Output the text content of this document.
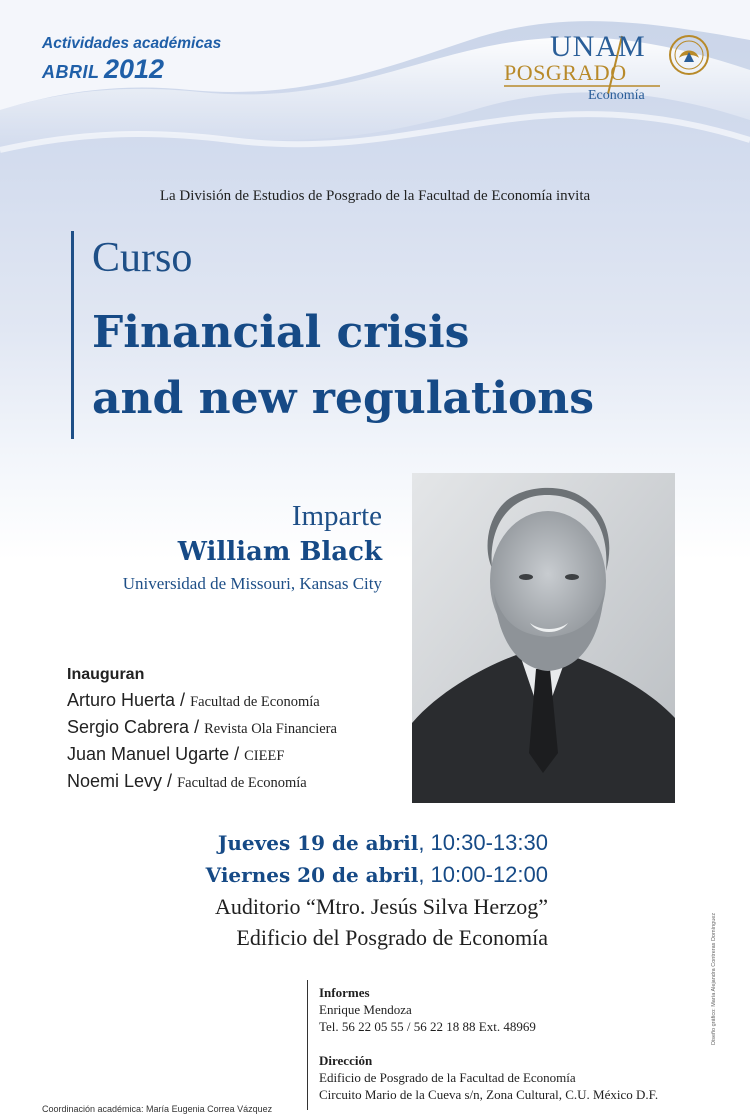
Actividades académicas
ABRIL 2012
UNAM
POSGRADO
Economía
La División de Estudios de Posgrado de la Facultad de Economía invita
Curso
Financial crisis
and new regulations
Imparte
William Black
Universidad de Missouri, Kansas City
Inauguran
Arturo Huerta / Facultad de Economía
Sergio Cabrera / Revista Ola Financiera
Juan Manuel Ugarte / CIEEF
Noemi Levy / Facultad de Economía
Jueves 19 de abril, 10:30-13:30
Viernes 20 de abril, 10:00-12:00
Auditorio “Mtro. Jesús Silva Herzog”
Edificio del Posgrado de Economía
Informes
Enrique Mendoza
Tel. 56 22 05 55 / 56 22 18 88 Ext. 48969
Dirección
Edificio de Posgrado de la Facultad de Economía
Circuito Mario de la Cueva s/n, Zona Cultural, C.U. México D.F.
Coordinación académica: María Eugenia Correa Vázquez
Diseño gráfico: María Alejandra Contreras Domínguez
